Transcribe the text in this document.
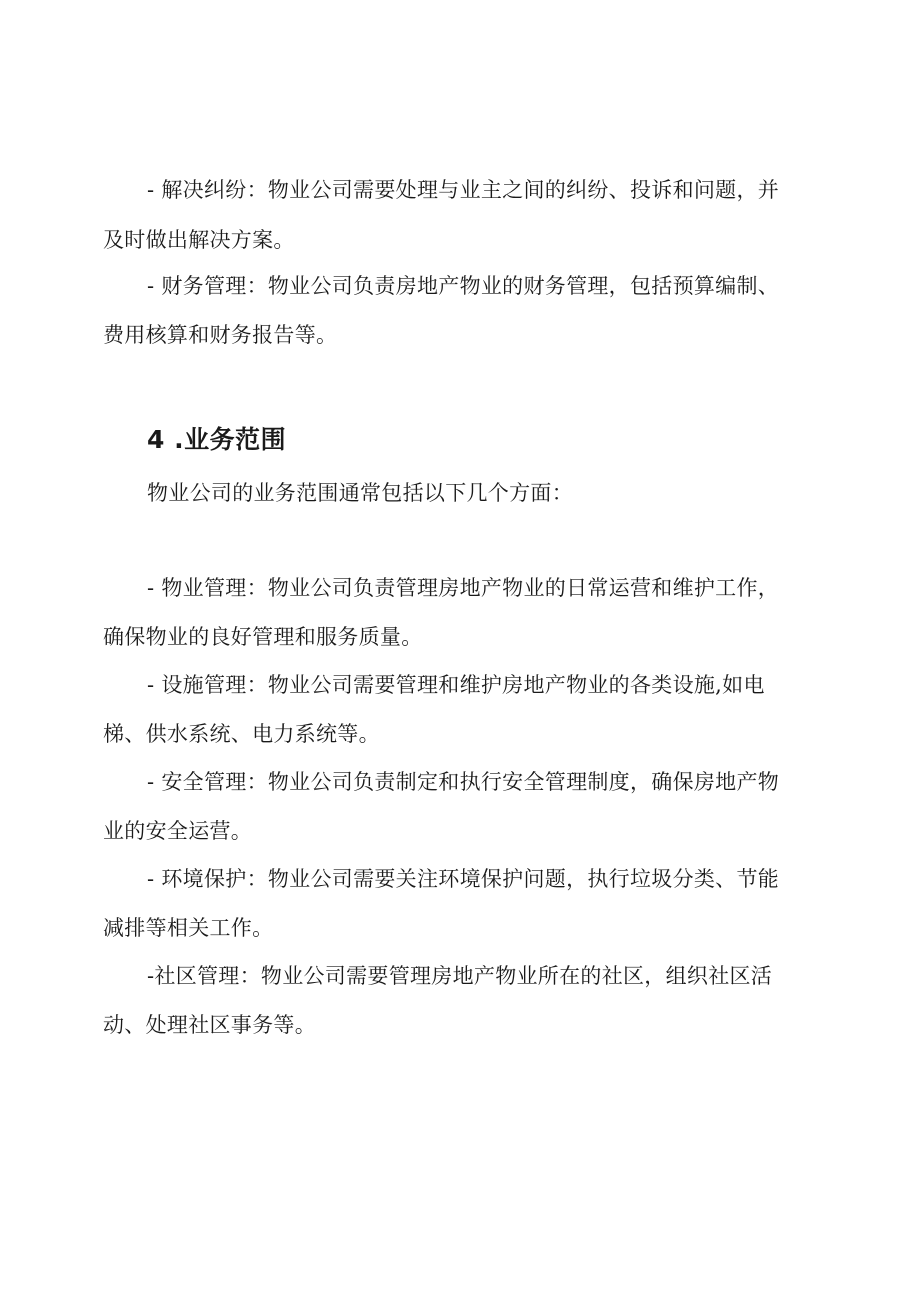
- 解决纠纷：物业公司需要处理与业主之间的纠纷、投诉和问题，并
及时做出解决方案。
- 财务管理：物业公司负责房地产物业的财务管理，包括预算编制、
费用核算和财务报告等。
4 .业务范围
物业公司的业务范围通常包括以下几个方面：
- 物业管理：物业公司负责管理房地产物业的日常运营和维护工作，
确保物业的良好管理和服务质量。
- 设施管理：物业公司需要管理和维护房地产物业的各类设施,如电
梯、供水系统、电力系统等。
- 安全管理：物业公司负责制定和执行安全管理制度，确保房地产物
业的安全运营。
- 环境保护：物业公司需要关注环境保护问题，执行垃圾分类、节能
减排等相关工作。
-社区管理：物业公司需要管理房地产物业所在的社区，组织社区活
动、处理社区事务等。
